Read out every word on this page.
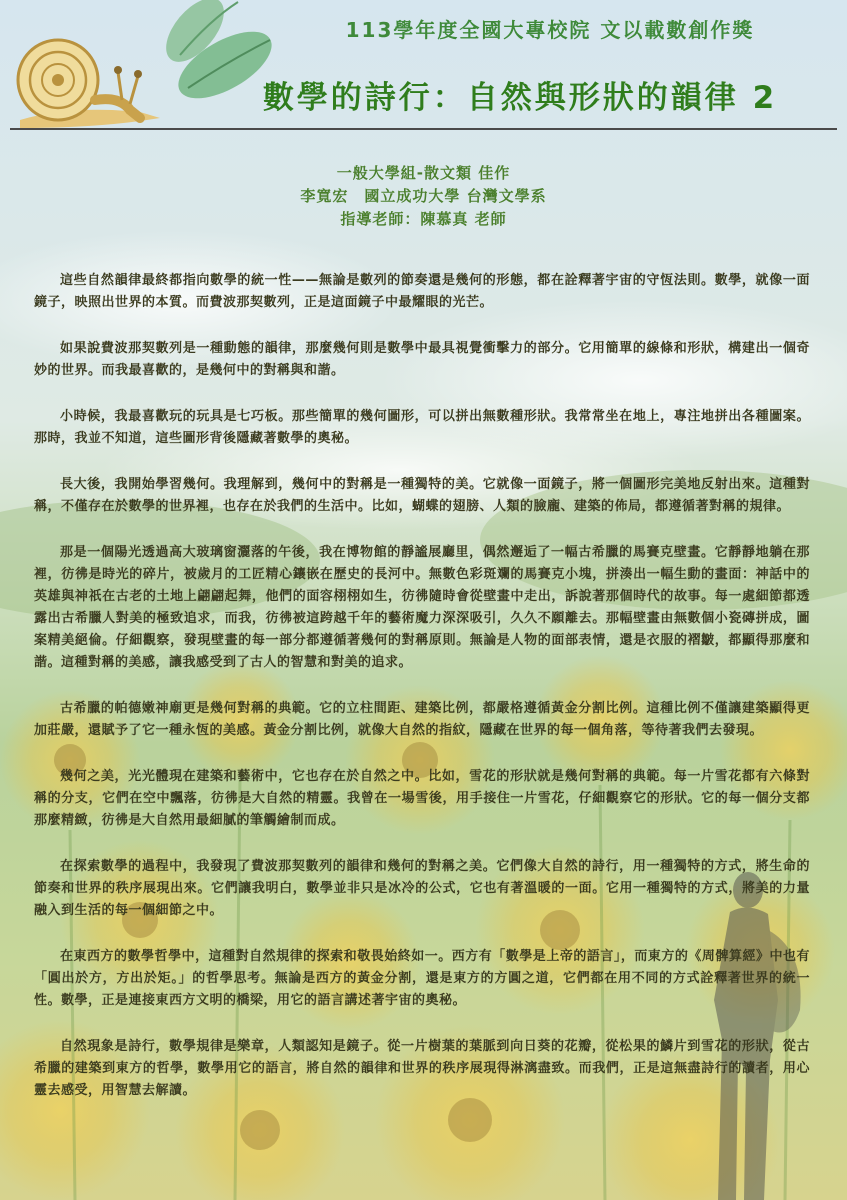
113學年度全國大專校院 文以載數創作獎
數學的詩行：自然與形狀的韻律 2
一般大學組-散文類 佳作
李寬宏　國立成功大學 台灣文學系
指導老師：陳慕真 老師

這些自然韻律最終都指向數學的統一性——無論是數列的節奏還是幾何的形態，都在詮釋著宇宙的守恆法則。數學，就像一面鏡子，映照出世界的本質。而費波那契數列，正是這面鏡子中最耀眼的光芒。

如果說費波那契數列是一種動態的韻律，那麼幾何則是數學中最具視覺衝擊力的部分。它用簡單的線條和形狀，構建出一個奇妙的世界。而我最喜歡的，是幾何中的對稱與和諧。

小時候，我最喜歡玩的玩具是七巧板。那些簡單的幾何圖形，可以拼出無數種形狀。我常常坐在地上，專注地拼出各種圖案。那時，我並不知道，這些圖形背後隱藏著數學的奧秘。

長大後，我開始學習幾何。我理解到，幾何中的對稱是一種獨特的美。它就像一面鏡子，將一個圖形完美地反射出來。這種對稱，不僅存在於數學的世界裡，也存在於我們的生活中。比如，蝴蝶的翅膀、人類的臉龐、建築的佈局，都遵循著對稱的規律。

那是一個陽光透過高大玻璃窗灑落的午後，我在博物館的靜謐展廳里，偶然邂逅了一幅古希臘的馬賽克壁畫。它靜靜地躺在那裡，彷彿是時光的碎片，被歲月的工匠精心鑲嵌在歷史的長河中。無數色彩斑斕的馬賽克小塊，拼湊出一幅生動的畫面：神話中的英雄與神祇在古老的土地上翩翩起舞，他們的面容栩栩如生，彷彿隨時會從壁畫中走出，訴說著那個時代的故事。每一處細節都透露出古希臘人對美的極致追求，而我，彷彿被這跨越千年的藝術魔力深深吸引，久久不願離去。那幅壁畫由無數個小瓷磚拼成，圖案精美絕倫。仔細觀察，發現壁畫的每一部分都遵循著幾何的對稱原則。無論是人物的面部表情，還是衣服的褶皺，都顯得那麼和諧。這種對稱的美感，讓我感受到了古人的智慧和對美的追求。

古希臘的帕德嫩神廟更是幾何對稱的典範。它的立柱間距、建築比例，都嚴格遵循黃金分割比例。這種比例不僅讓建築顯得更加莊嚴，還賦予了它一種永恆的美感。黃金分割比例，就像大自然的指紋，隱藏在世界的每一個角落，等待著我們去發現。

幾何之美，光光體現在建築和藝術中，它也存在於自然之中。比如，雪花的形狀就是幾何對稱的典範。每一片雪花都有六條對稱的分支，它們在空中飄落，彷彿是大自然的精靈。我曾在一場雪後，用手接住一片雪花，仔細觀察它的形狀。它的每一個分支都那麼精緻，彷彿是大自然用最細膩的筆觸繪制而成。

在探索數學的過程中，我發現了費波那契數列的韻律和幾何的對稱之美。它們像大自然的詩行，用一種獨特的方式，將生命的節奏和世界的秩序展現出來。它們讓我明白，數學並非只是冰冷的公式，它也有著溫暖的一面。它用一種獨特的方式，將美的力量融入到生活的每一個細節之中。

在東西方的數學哲學中，這種對自然規律的探索和敬畏始終如一。西方有「數學是上帝的語言」，而東方的《周髀算經》中也有「圓出於方，方出於矩。」的哲學思考。無論是西方的黃金分割，還是東方的方圓之道，它們都在用不同的方式詮釋著世界的統一性。數學，正是連接東西方文明的橋梁，用它的語言講述著宇宙的奧秘。

自然現象是詩行，數學規律是樂章，人類認知是鏡子。從一片樹葉的葉脈到向日葵的花瓣，從松果的鱗片到雪花的形狀，從古希臘的建築到東方的哲學，數學用它的語言，將自然的韻律和世界的秩序展現得淋漓盡致。而我們，正是這無盡詩行的讀者，用心靈去感受，用智慧去解讀。
